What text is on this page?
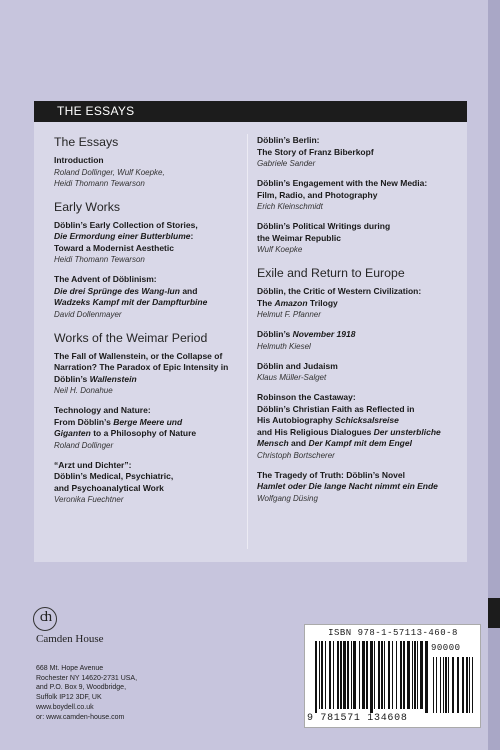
THE ESSAYS
The Essays
Introduction
Roland Dollinger, Wulf Koepke,
Heidi Thomann Tewarson
Early Works
Döblin’s Early Collection of Stories,
Die Ermordung einer Butterblume:
Toward a Modernist Aesthetic
Heidi Thomann Tewarson
The Advent of Döblinism:
Die drei Sprünge des Wang-lun and
Wadzeks Kampf mit der Dampfturbine
David Dollenmayer
Works of the Weimar Period
The Fall of Wallenstein, or the Collapse of
Narration? The Paradox of Epic Intensity in
Döblin’s Wallenstein
Neil H. Donahue
Technology and Nature:
From Döblin’s Berge Meere und
Giganten to a Philosophy of Nature
Roland Dollinger
“Arzt und Dichter”:
Döblin’s Medical, Psychiatric,
and Psychoanalytical Work
Veronika Fuechtner
Döblin’s Berlin:
The Story of Franz Biberkopf
Gabriele Sander
Döblin’s Engagement with the New Media:
Film, Radio, and Photography
Erich Kleinschmidt
Döblin’s Political Writings during
the Weimar Republic
Wulf Koepke
Exile and Return to Europe
Döblin, the Critic of Western Civilization:
The Amazon Trilogy
Helmut F. Pfanner
Döblin’s November 1918
Helmuth Kiesel
Döblin and Judaism
Klaus Müller-Salget
Robinson the Castaway:
Döblin’s Christian Faith as Reflected in
His Autobiography Schicksalsreise
and His Religious Dialogues Der unsterbliche
Mensch and Der Kampf mit dem Engel
Christoph Bortscherer
The Tragedy of Truth: Döblin’s Novel
Hamlet oder Die lange Nacht nimmt ein Ende
Wolfgang Düsing
ch
Camden House
668 Mt. Hope Avenue
Rochester NY 14620-2731 USA,
and P.O. Box 9, Woodbridge,
Suffolk IP12 3DF, UK
www.boydell.co.uk
or: www.camden-house.com
ISBN 978-1-57113-460-8
9 781571 134608
90000
